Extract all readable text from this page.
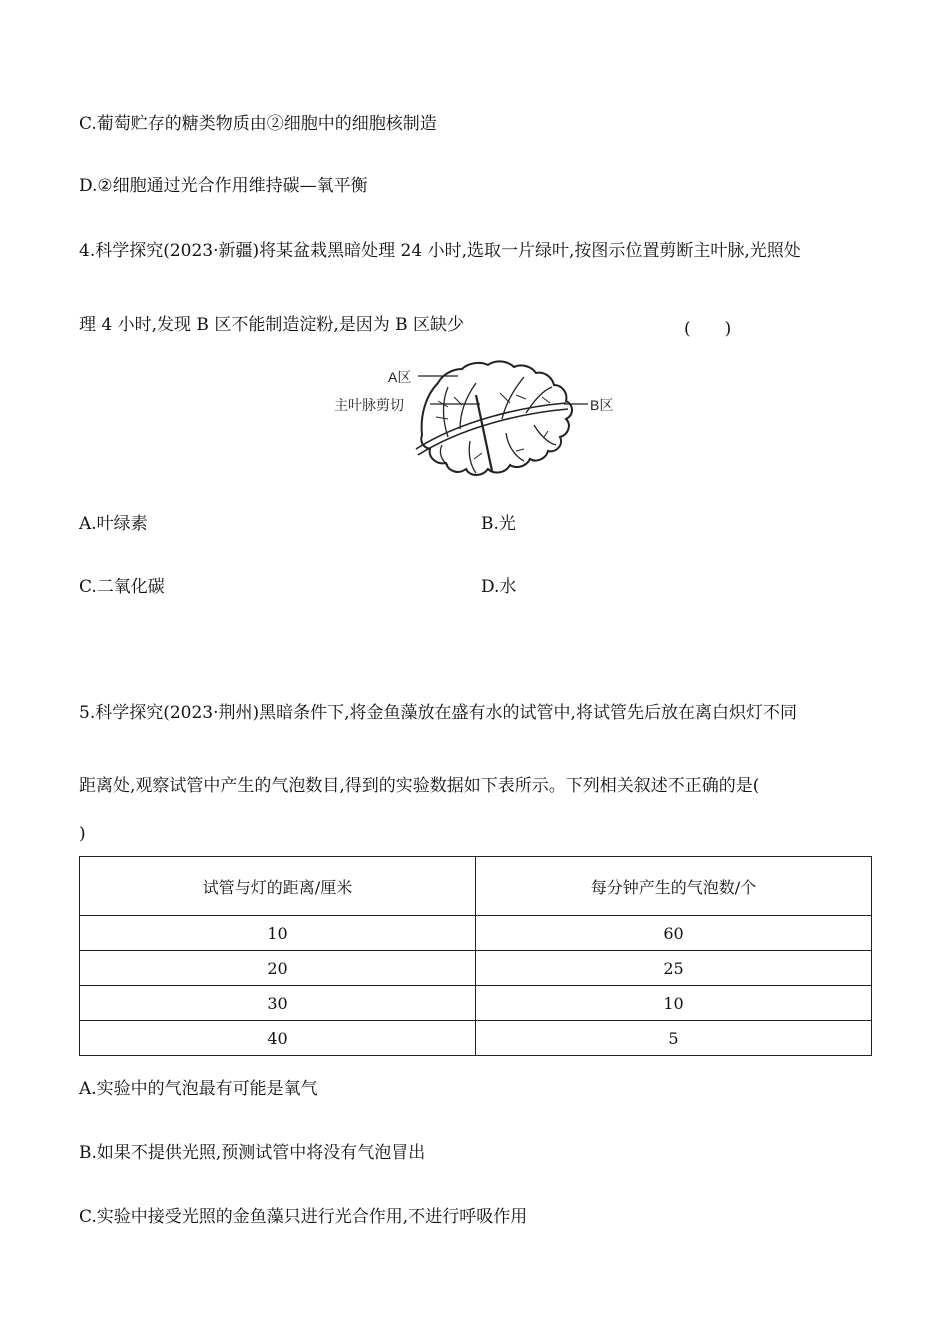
C.葡萄贮存的糖类物质由②细胞中的细胞核制造
D.②细胞通过光合作用维持碳—氧平衡
4.科学探究(2023·新疆)将某盆栽黑暗处理 24 小时,选取一片绿叶,按图示位置剪断主叶脉,光照处
理 4 小时,发现 B 区不能制造淀粉,是因为 B 区缺少	(　　)
A区
主叶脉剪切	B区
A.叶绿素	B.光
C.二氧化碳	D.水
5.科学探究(2023·荆州)黑暗条件下,将金鱼藻放在盛有水的试管中,将试管先后放在离白炽灯不同
距离处,观察试管中产生的气泡数目,得到的实验数据如下表所示。下列相关叙述不正确的是(
)
试管与灯的距离/厘米	每分钟产生的气泡数/个
10	60
20	25
30	10
40	5
A.实验中的气泡最有可能是氧气
B.如果不提供光照,预测试管中将没有气泡冒出
C.实验中接受光照的金鱼藻只进行光合作用,不进行呼吸作用
